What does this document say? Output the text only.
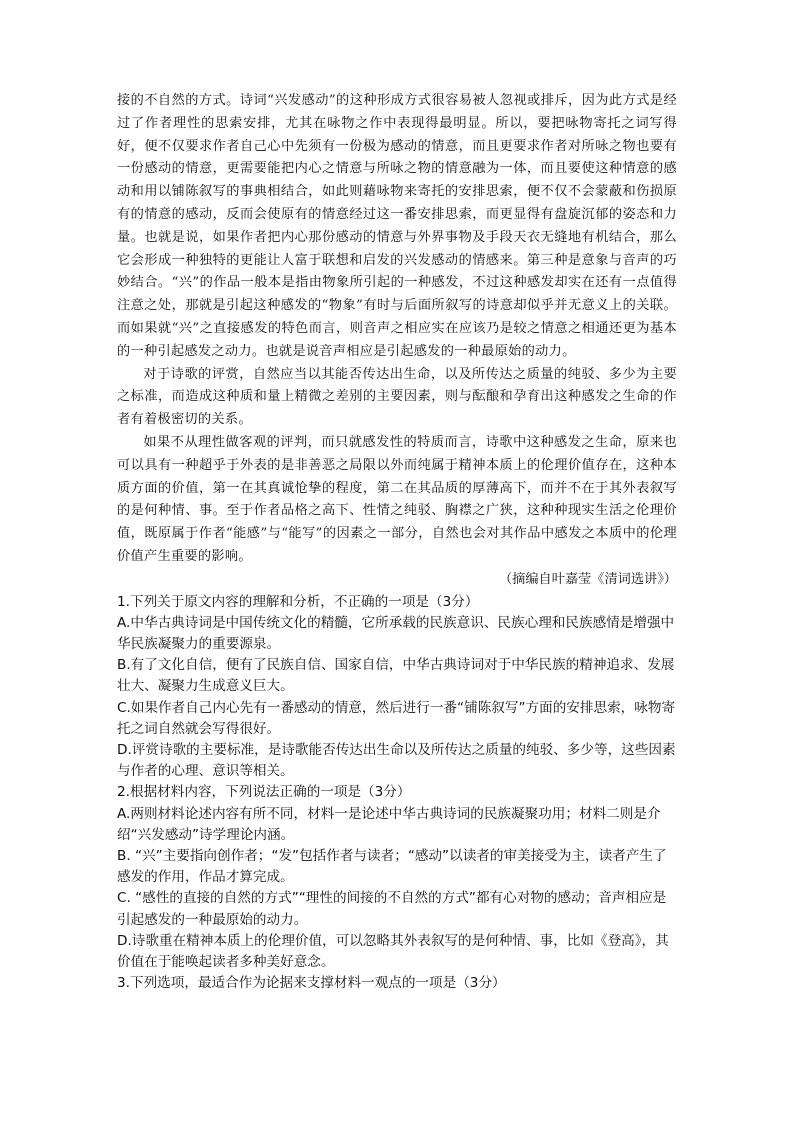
接的不自然的方式。诗词“兴发感动”的这种形成方式很容易被人忽视或排斥，因为此方式是经过了作者理性的思索安排，尤其在咏物之作中表现得最明显。所以，要把咏物寄托之词写得好，便不仅要求作者自己心中先须有一份极为感动的情意，而且更要求作者对所咏之物也要有一份感动的情意，更需要能把内心之情意与所咏之物的情意融为一体，而且要使这种情意的感动和用以铺陈叙写的事典相结合，如此则藉咏物来寄托的安排思索，便不仅不会蒙蔽和伤损原有的情意的感动，反而会使原有的情意经过这一番安排思索，而更显得有盘旋沉郁的姿态和力量。也就是说，如果作者把内心那份感动的情意与外界事物及手段天衣无缝地有机结合，那么它会形成一种独特的更能让人富于联想和启发的兴发感动的情感来。第三种是意象与音声的巧妙结合。“兴”的作品一般本是指由物象所引起的一种感发，不过这种感发却实在还有一点值得注意之处，那就是引起这种感发的“物象”有时与后面所叙写的诗意却似乎并无意义上的关联。而如果就“兴”之直接感发的特色而言，则音声之相应实在应该乃是较之情意之相通还更为基本的一种引起感发之动力。也就是说音声相应是引起感发的一种最原始的动力。

对于诗歌的评赏，自然应当以其能否传达出生命，以及所传达之质量的纯驳、多少为主要之标准，而造成这种质和量上精微之差别的主要因素，则与酝酿和孕育出这种感发之生命的作者有着极密切的关系。

如果不从理性做客观的评判，而只就感发性的特质而言，诗歌中这种感发之生命，原来也可以具有一种超乎于外表的是非善恶之局限以外而纯属于精神本质上的伦理价值存在，这种本质方面的价值，第一在其真诚怆挚的程度，第二在其品质的厚薄高下，而并不在于其外表叙写的是何种情、事。至于作者品格之高下、性情之纯驳、胸襟之广狭，这种种现实生活之伦理价值，既原属于作者“能感”与“能写”的因素之一部分，自然也会对其作品中感发之本质中的伦理价值产生重要的影响。

（摘编自叶嘉莹《清词选讲》）

1.下列关于原文内容的理解和分析，不正确的一项是（3分）

A.中华古典诗词是中国传统文化的精髓，它所承载的民族意识、民族心理和民族感情是增强中华民族凝聚力的重要源泉。

B.有了文化自信，便有了民族自信、国家自信，中华古典诗词对于中华民族的精神追求、发展壮大、凝聚力生成意义巨大。

C.如果作者自己内心先有一番感动的情意，然后进行一番“铺陈叙写”方面的安排思索，咏物寄托之词自然就会写得很好。

D.评赏诗歌的主要标准，是诗歌能否传达出生命以及所传达之质量的纯驳、多少等，这些因素与作者的心理、意识等相关。

2.根据材料内容，下列说法正确的一项是（3分）

A.两则材料论述内容有所不同，材料一是论述中华古典诗词的民族凝聚功用；材料二则是介绍“兴发感动”诗学理论内涵。

B. “兴”主要指向创作者；“发”包括作者与读者；“感动”以读者的审美接受为主，读者产生了感发的作用，作品才算完成。

C. “感性的直接的自然的方式”“理性的间接的不自然的方式”都有心对物的感动；音声相应是引起感发的一种最原始的动力。

D.诗歌重在精神本质上的伦理价值，可以忽略其外表叙写的是何种情、事，比如《登高》，其价值在于能唤起读者多种美好意念。

3.下列选项，最适合作为论据来支撑材料一观点的一项是（3分）
